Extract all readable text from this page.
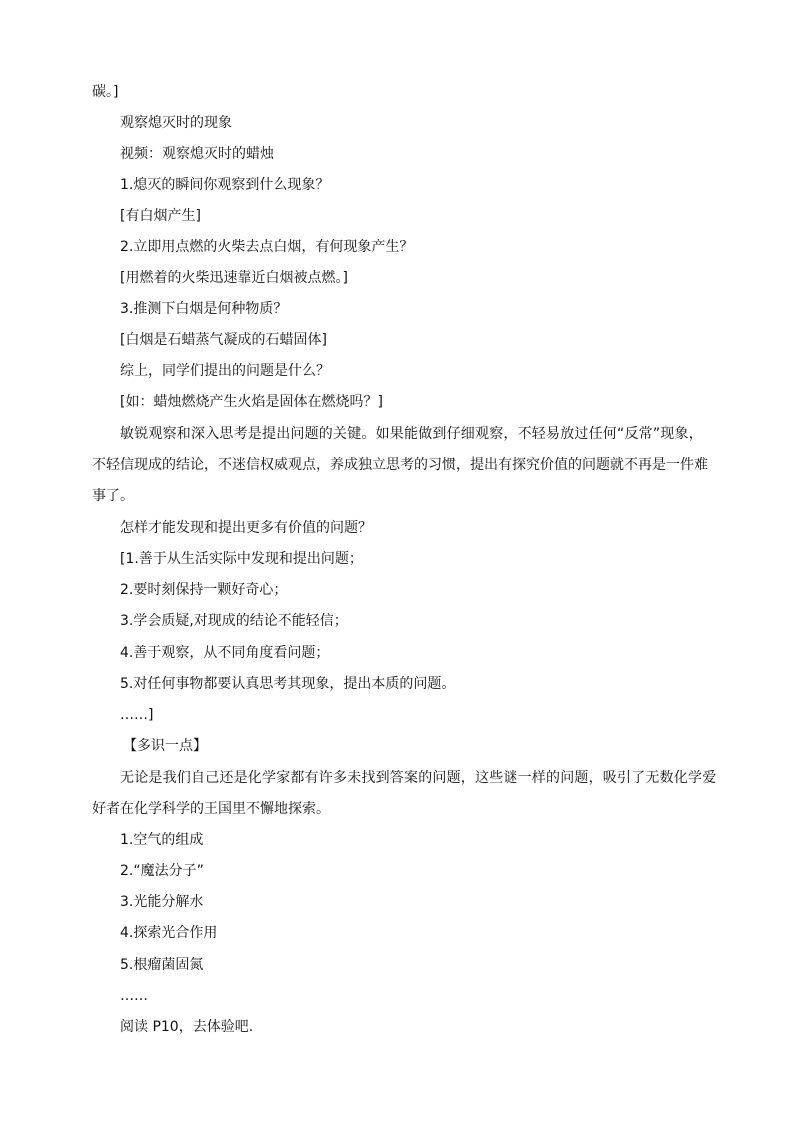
碳。]

观察熄灭时的现象

视频：观察熄灭时的蜡烛

1.熄灭的瞬间你观察到什么现象？

[有白烟产生]

2.立即用点燃的火柴去点白烟，有何现象产生？

[用燃着的火柴迅速靠近白烟被点燃。]

3.推测下白烟是何种物质？

[白烟是石蜡蒸气凝成的石蜡固体]

综上，同学们提出的问题是什么？

[如：蜡烛燃烧产生火焰是固体在燃烧吗？]

敏锐观察和深入思考是提出问题的关键。如果能做到仔细观察，不轻易放过任何“反常”现象，

不轻信现成的结论，不迷信权威观点，养成独立思考的习惯，提出有探究价值的问题就不再是一件难

事了。

怎样才能发现和提出更多有价值的问题？

[1.善于从生活实际中发现和提出问题；

2.要时刻保持一颗好奇心；

3.学会质疑,对现成的结论不能轻信；

4.善于观察，从不同角度看问题；

5.对任何事物都要认真思考其现象，提出本质的问题。

……]

【多识一点】

无论是我们自己还是化学家都有许多未找到答案的问题，这些谜一样的问题，吸引了无数化学爱

好者在化学科学的王国里不懈地探索。

1.空气的组成

2.“魔法分子”

3.光能分解水

4.探索光合作用

5.根瘤菌固氮

……

阅读 P10，去体验吧.
